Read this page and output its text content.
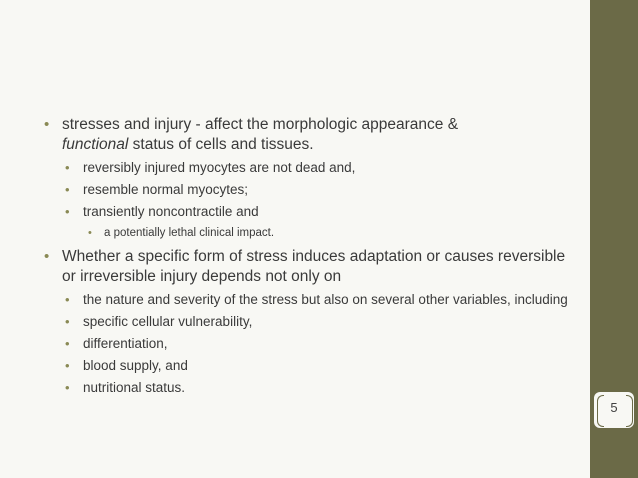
5
• stresses and injury - affect the morphologic appearance &
functional status of cells and tissues.
• reversibly injured myocytes are not dead and,
• resemble normal myocytes;
• transiently noncontractile and
• a potentially lethal clinical impact.
• Whether a specific form of stress induces adaptation or causes reversible or irreversible injury depends not only on
• the nature and severity of the stress but also on several other variables, including
• specific cellular vulnerability,
• differentiation,
• blood supply, and
• nutritional status.
